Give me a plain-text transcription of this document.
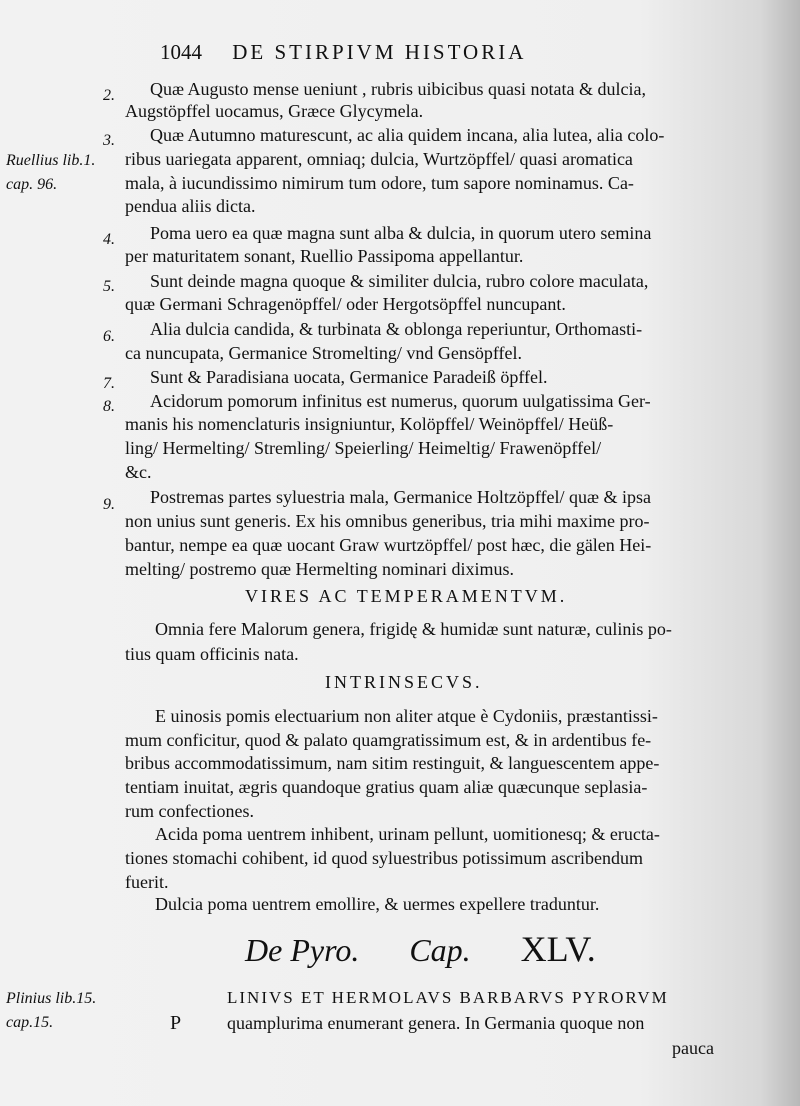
1044 DE STIRPIVM HISTORIA
Ruellius lib.1.
cap. 96.
2. Quæ Augusto mense ueniunt , rubris uibicibus quasi notata & dulcia,
Augstöpffel uocamus, Græce Glycymela.
3. Quæ Autumno maturescunt, ac alia quidem incana, alia lutea, alia colo-
ribus uariegata apparent, omniaq; dulcia, Wurtzöpffel/ quasi aromatica
mala, à iucundissimo nimirum tum odore, tum sapore nominamus. Ca-
pendua aliis dicta.
4. Poma uero ea quæ magna sunt alba & dulcia, in quorum utero semina
per maturitatem sonant, Ruellio Passipoma appellantur.
5. Sunt deinde magna quoque & similiter dulcia, rubro colore maculata,
quæ Germani Schragenöpffel/ oder Hergotsöpffel nuncupant.
6. Alia dulcia candida, & turbinata & oblonga reperiuntur, Orthomasti-
ca nuncupata, Germanice Stromelting/ vnd Gensöpffel.
7. Sunt & Paradisiana uocata, Germanice Paradeiß öpffel.
8. Acidorum pomorum infinitus est numerus, quorum uulgatissima Ger-
manis his nomenclaturis insigniuntur, Kolöpffel/ Weinöpffel/ Heüß-
ling/ Hermelting/ Stremling/ Speierling/ Heimeltig/ Frawenöpffel/
&c.
9. Postremas partes syluestria mala, Germanice Holtzöpffel/ quæ & ipsa
non unius sunt generis. Ex his omnibus generibus, tria mihi maxime pro-
bantur, nempe ea quæ uocant Graw wurtzöpffel/ post hæc, die gälen Hei-
melting/ postremo quæ Hermelting nominari diximus.
VIRES AC TEMPERAMENTVM.
Omnia fere Malorum genera, frigidę & humidæ sunt naturæ, culinis po-
tius quam officinis nata.
INTRINSECVS.
E uinosis pomis electuarium non aliter atque è Cydoniis, præstantissi-
mum conficitur, quod & palato quamgratissimum est, & in ardentibus fe-
bribus accommodatissimum, nam sitim restinguit, & languescentem appe-
tentiam inuitat, ægris quandoque gratius quam aliæ quæcunque seplasia-
rum confectiones.
Acida poma uentrem inhibent, urinam pellunt, uomitionesq; & eructa-
tiones stomachi cohibent, id quod syluestribus potissimum ascribendum
fuerit.
Dulcia poma uentrem emollire, & uermes expellere traduntur.
De Pyro. Cap. XLV.
Plinius lib.15.
cap.15.	P
LINIVS ET HERMOLAVS BARBARVS PYRORVM
quamplurima enumerant genera. In Germania quoque non
pauca
